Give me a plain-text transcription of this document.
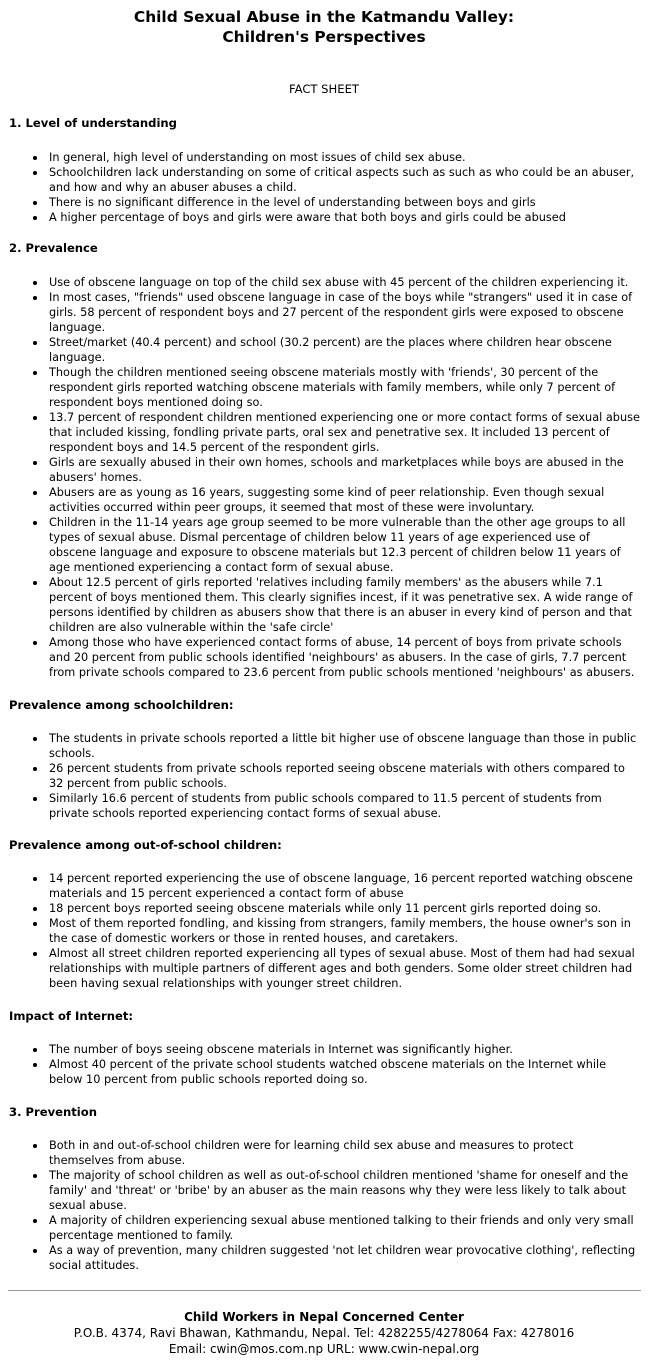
Child Sexual Abuse in the Katmandu Valley:
Children's Perspectives
FACT SHEET
1. Level of understanding
In general, high level of understanding on most issues of child sex abuse.
Schoolchildren lack understanding on some of critical aspects such as such as who could be an abuser, and how and why an abuser abuses a child.
There is no significant difference in the level of understanding between boys and girls
A higher percentage of boys and girls were aware that both boys and girls could be abused
2. Prevalence
Use of obscene language on top of the child sex abuse with 45 percent of the children experiencing it.
In most cases, "friends" used obscene language in case of the boys while "strangers" used it in case of girls. 58 percent of respondent boys and 27 percent of the respondent girls were exposed to obscene language.
Street/market (40.4 percent) and school (30.2 percent) are the places where children hear obscene language.
Though the children mentioned seeing obscene materials mostly with 'friends', 30 percent of the respondent girls reported watching obscene materials with family members, while only 7 percent of respondent boys mentioned doing so.
13.7 percent of respondent children mentioned experiencing one or more contact forms of sexual abuse that included kissing, fondling private parts, oral sex and penetrative sex. It included 13 percent of respondent boys and 14.5 percent of the respondent girls.
Girls are sexually abused in their own homes, schools and marketplaces while boys are abused in the abusers' homes.
Abusers are as young as 16 years, suggesting some kind of peer relationship. Even though sexual activities occurred within peer groups, it seemed that most of these were involuntary.
Children in the 11-14 years age group seemed to be more vulnerable than the other age groups to all types of sexual abuse. Dismal percentage of children below 11 years of age experienced use of obscene language and exposure to obscene materials but 12.3 percent of children below 11 years of age mentioned experiencing a contact form of sexual abuse.
About 12.5 percent of girls reported 'relatives including family members' as the abusers while 7.1 percent of boys mentioned them. This clearly signifies incest, if it was penetrative sex. A wide range of persons identified by children as abusers show that there is an abuser in every kind of person and that children are also vulnerable within the 'safe circle'
Among those who have experienced contact forms of abuse, 14 percent of boys from private schools and 20 percent from public schools identified 'neighbours' as abusers. In the case of girls, 7.7 percent from private schools compared to 23.6 percent from public schools mentioned 'neighbours' as abusers.
Prevalence among schoolchildren:
The students in private schools reported a little bit higher use of obscene language than those in public schools.
26 percent students from private schools reported seeing obscene materials with others compared to 32 percent from public schools.
Similarly 16.6 percent of students from public schools compared to 11.5 percent of students from private schools reported experiencing contact forms of sexual abuse.
Prevalence among out-of-school children:
14 percent reported experiencing the use of obscene language, 16 percent reported watching obscene materials and 15 percent experienced a contact form of abuse
18 percent boys reported seeing obscene materials while only 11 percent girls reported doing so.
Most of them reported fondling, and kissing from strangers, family members, the house owner's son in the case of domestic workers or those in rented houses, and caretakers.
Almost all street children reported experiencing all types of sexual abuse. Most of them had had sexual relationships with multiple partners of different ages and both genders. Some older street children had been having sexual relationships with younger street children.
Impact of Internet:
The number of boys seeing obscene materials in Internet was significantly higher.
Almost 40 percent of the private school students watched obscene materials on the Internet while below 10 percent from public schools reported doing so.
3. Prevention
Both in and out-of-school children were for learning child sex abuse and measures to protect themselves from abuse.
The majority of school children as well as out-of-school children mentioned 'shame for oneself and the family' and 'threat' or 'bribe' by an abuser as the main reasons why they were less likely to talk about sexual abuse.
A majority of children experiencing sexual abuse mentioned talking to their friends and only very small percentage mentioned to family.
As a way of prevention, many children suggested 'not let children wear provocative clothing', reflecting social attitudes.
Child Workers in Nepal Concerned Center
P.O.B. 4374, Ravi Bhawan, Kathmandu, Nepal. Tel: 4282255/4278064 Fax: 4278016
Email: cwin@mos.com.np URL: www.cwin-nepal.org
